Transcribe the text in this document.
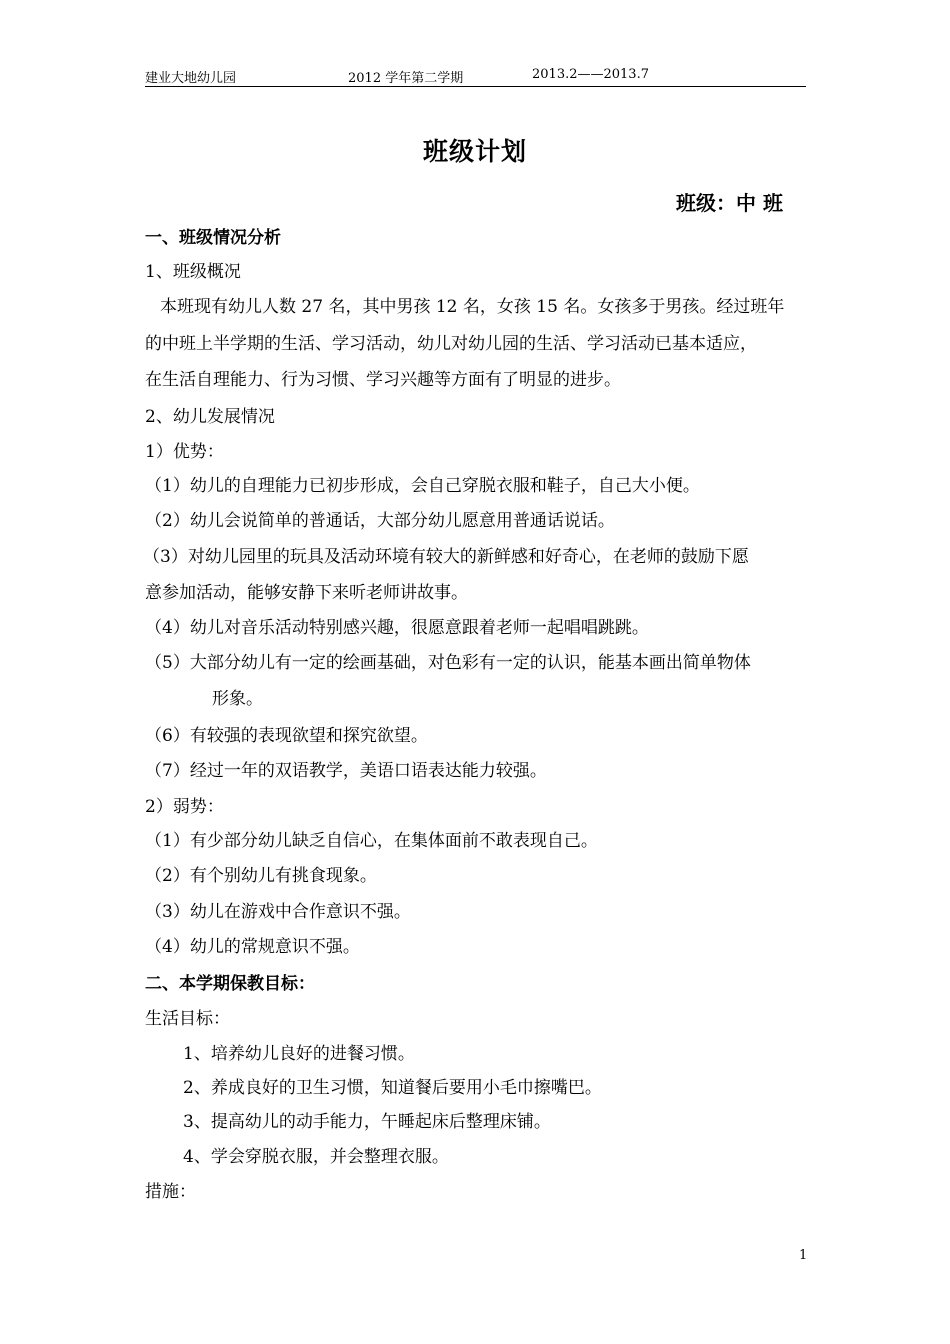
建业大地幼儿园	2012 学年第二学期	2013.2——2013.7
班级计划
班级：中 班
一、班级情况分析
1、班级概况
本班现有幼儿人数 27 名，其中男孩 12 名，女孩 15 名。女孩多于男孩。经过班年
的中班上半学期的生活、学习活动，幼儿对幼儿园的生活、学习活动已基本适应，
在生活自理能力、行为习惯、学习兴趣等方面有了明显的进步。
2、幼儿发展情况
1）优势：
（1）幼儿的自理能力已初步形成，会自己穿脱衣服和鞋子，自己大小便。
（2）幼儿会说简单的普通话，大部分幼儿愿意用普通话说话。
（3）对幼儿园里的玩具及活动环境有较大的新鲜感和好奇心，在老师的鼓励下愿
意参加活动，能够安静下来听老师讲故事。
（4）幼儿对音乐活动特别感兴趣，很愿意跟着老师一起唱唱跳跳。
（5）大部分幼儿有一定的绘画基础，对色彩有一定的认识，能基本画出简单物体
形象。
（6）有较强的表现欲望和探究欲望。
（7）经过一年的双语教学，美语口语表达能力较强。
2）弱势：
（1）有少部分幼儿缺乏自信心，在集体面前不敢表现自己。
（2）有个别幼儿有挑食现象。
（3）幼儿在游戏中合作意识不强。
（4）幼儿的常规意识不强。
二、本学期保教目标：
生活目标：
1、培养幼儿良好的进餐习惯。
2、养成良好的卫生习惯，知道餐后要用小毛巾擦嘴巴。
3、提高幼儿的动手能力，午睡起床后整理床铺。
4、学会穿脱衣服，并会整理衣服。
措施：
1
